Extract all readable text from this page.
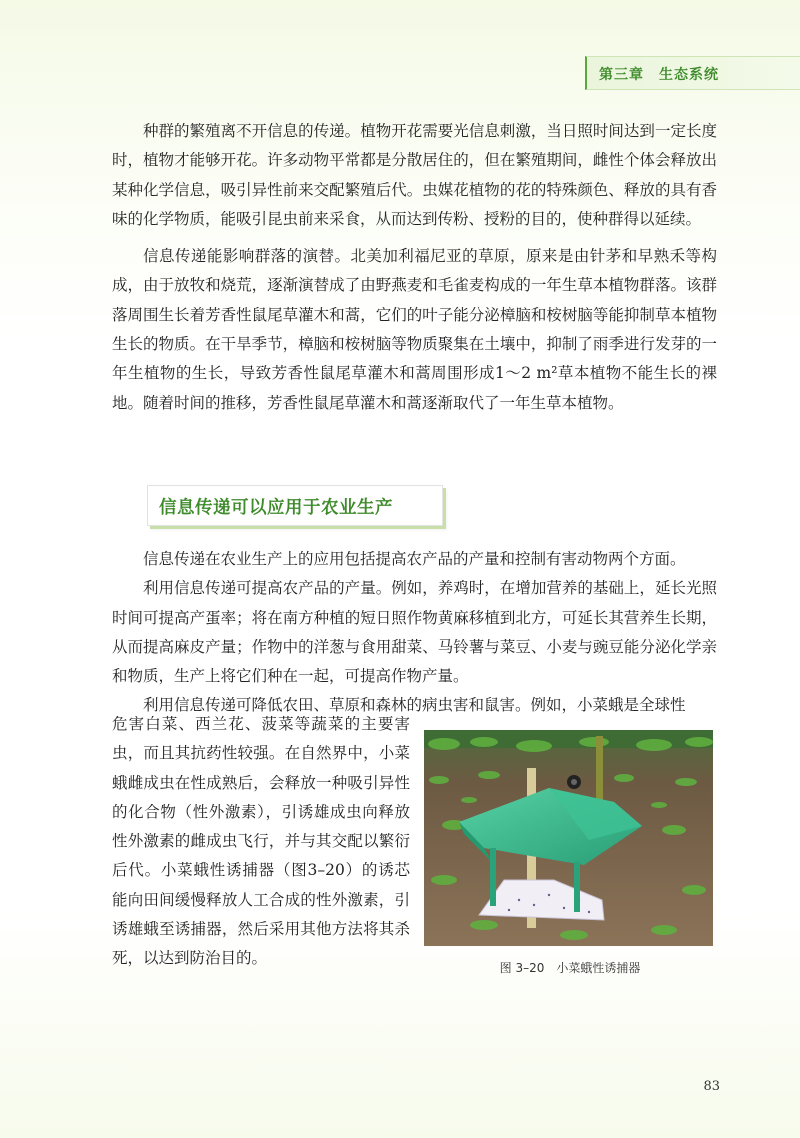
第三章　生态系统

种群的繁殖离不开信息的传递。植物开花需要光信息刺激，当日照时间达到一定长度时，植物才能够开花。许多动物平常都是分散居住的，但在繁殖期间，雌性个体会释放出某种化学信息，吸引异性前来交配繁殖后代。虫媒花植物的花的特殊颜色、释放的具有香味的化学物质，能吸引昆虫前来采食，从而达到传粉、授粉的目的，使种群得以延续。

信息传递能影响群落的演替。北美加利福尼亚的草原，原来是由针茅和早熟禾等构成，由于放牧和烧荒，逐渐演替成了由野燕麦和毛雀麦构成的一年生草本植物群落。该群落周围生长着芳香性鼠尾草灌木和蒿，它们的叶子能分泌樟脑和桉树脑等能抑制草本植物生长的物质。在干旱季节，樟脑和桉树脑等物质聚集在土壤中，抑制了雨季进行发芽的一年生植物的生长，导致芳香性鼠尾草灌木和蒿周围形成1～2 m²草本植物不能生长的裸地。随着时间的推移，芳香性鼠尾草灌木和蒿逐渐取代了一年生草本植物。

信息传递可以应用于农业生产

信息传递在农业生产上的应用包括提高农产品的产量和控制有害动物两个方面。

利用信息传递可提高农产品的产量。例如，养鸡时，在增加营养的基础上，延长光照时间可提高产蛋率；将在南方种植的短日照作物黄麻移植到北方，可延长其营养生长期，从而提高麻皮产量；作物中的洋葱与食用甜菜、马铃薯与菜豆、小麦与豌豆能分泌化学亲和物质，生产上将它们种在一起，可提高作物产量。

利用信息传递可降低农田、草原和森林的病虫害和鼠害。例如，小菜蛾是全球性

危害白菜、西兰花、菠菜等蔬菜的主要害虫，而且其抗药性较强。在自然界中，小菜蛾雌成虫在性成熟后，会释放一种吸引异性的化合物（性外激素），引诱雄成虫向释放性外激素的雌成虫飞行，并与其交配以繁衍后代。小菜蛾性诱捕器（图3–20）的诱芯能向田间缓慢释放人工合成的性外激素，引诱雄蛾至诱捕器，然后采用其他方法将其杀死，以达到防治目的。
图 3–20　小菜蛾性诱捕器
83
